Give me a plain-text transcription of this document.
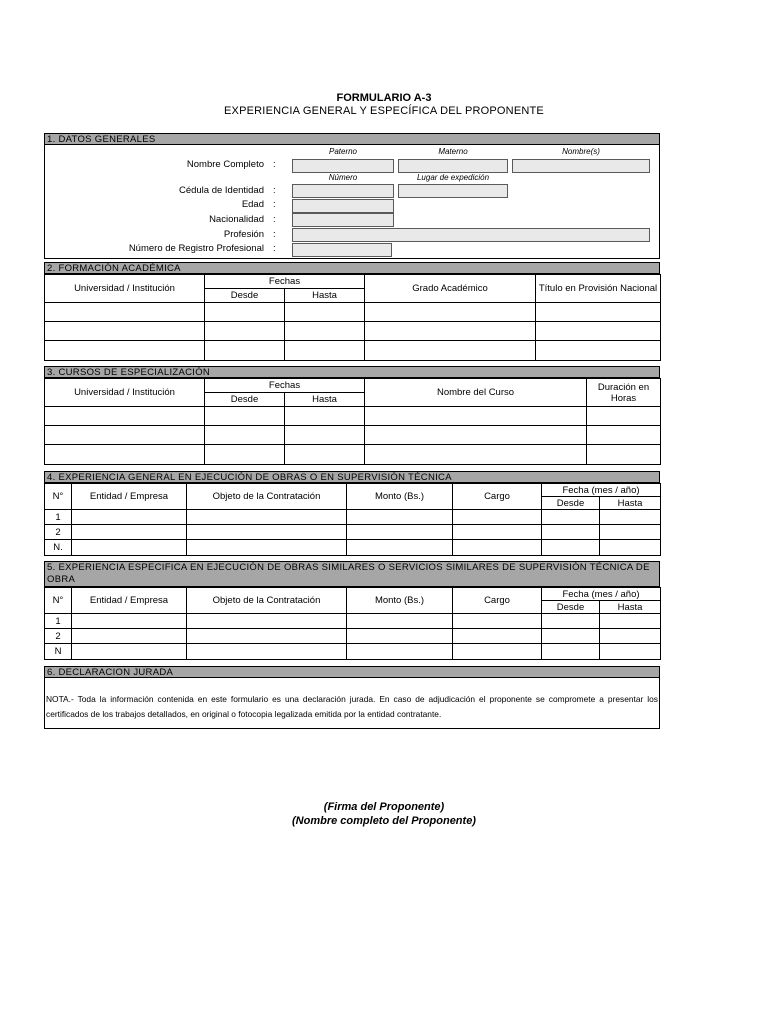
FORMULARIO A-3
EXPERIENCIA GENERAL Y ESPECÍFICA DEL PROPONENTE
1. DATOS GENERALES
Paterno	Materno	Nombre(s)
Nombre Completo :
Número	Lugar de expedición
Cédula de Identidad :
Edad :
Nacionalidad :
Profesión :
Número de Registro Profesional :
2. FORMACIÓN ACADÉMICA
Universidad / Institución	Fechas		Grado Académico	Título en Provisión Nacional
	Desde	Hasta		

3. CURSOS DE ESPECIALIZACIÓN
Universidad / Institución	Fechas		Nombre del Curso	Duración en Horas
	Desde	Hasta		

4. EXPERIENCIA GENERAL EN EJECUCIÓN DE OBRAS O EN SUPERVISIÓN TÉCNICA
N°	Entidad / Empresa	Objeto de la Contratación	Monto (Bs.)	Cargo	Fecha (mes / año)	
					Desde	Hasta
1						
2						
N.						
5. EXPERIENCIA ESPECIFICA EN EJECUCIÓN DE OBRAS SIMILARES O SERVICIOS SIMILARES DE SUPERVISIÓN TÉCNICA DE OBRA
N°	Entidad / Empresa	Objeto de la Contratación	Monto (Bs.)	Cargo	Fecha (mes / año)	
					Desde	Hasta
1						
2						
N						
6. DECLARACION JURADA
NOTA.- Toda la información contenida en este formulario es una declaración jurada. En caso de adjudicación el proponente se compromete a presentar los certificados de los trabajos detallados, en original o fotocopia legalizada emitida por la entidad contratante.
(Firma del Proponente)
(Nombre completo del Proponente)
